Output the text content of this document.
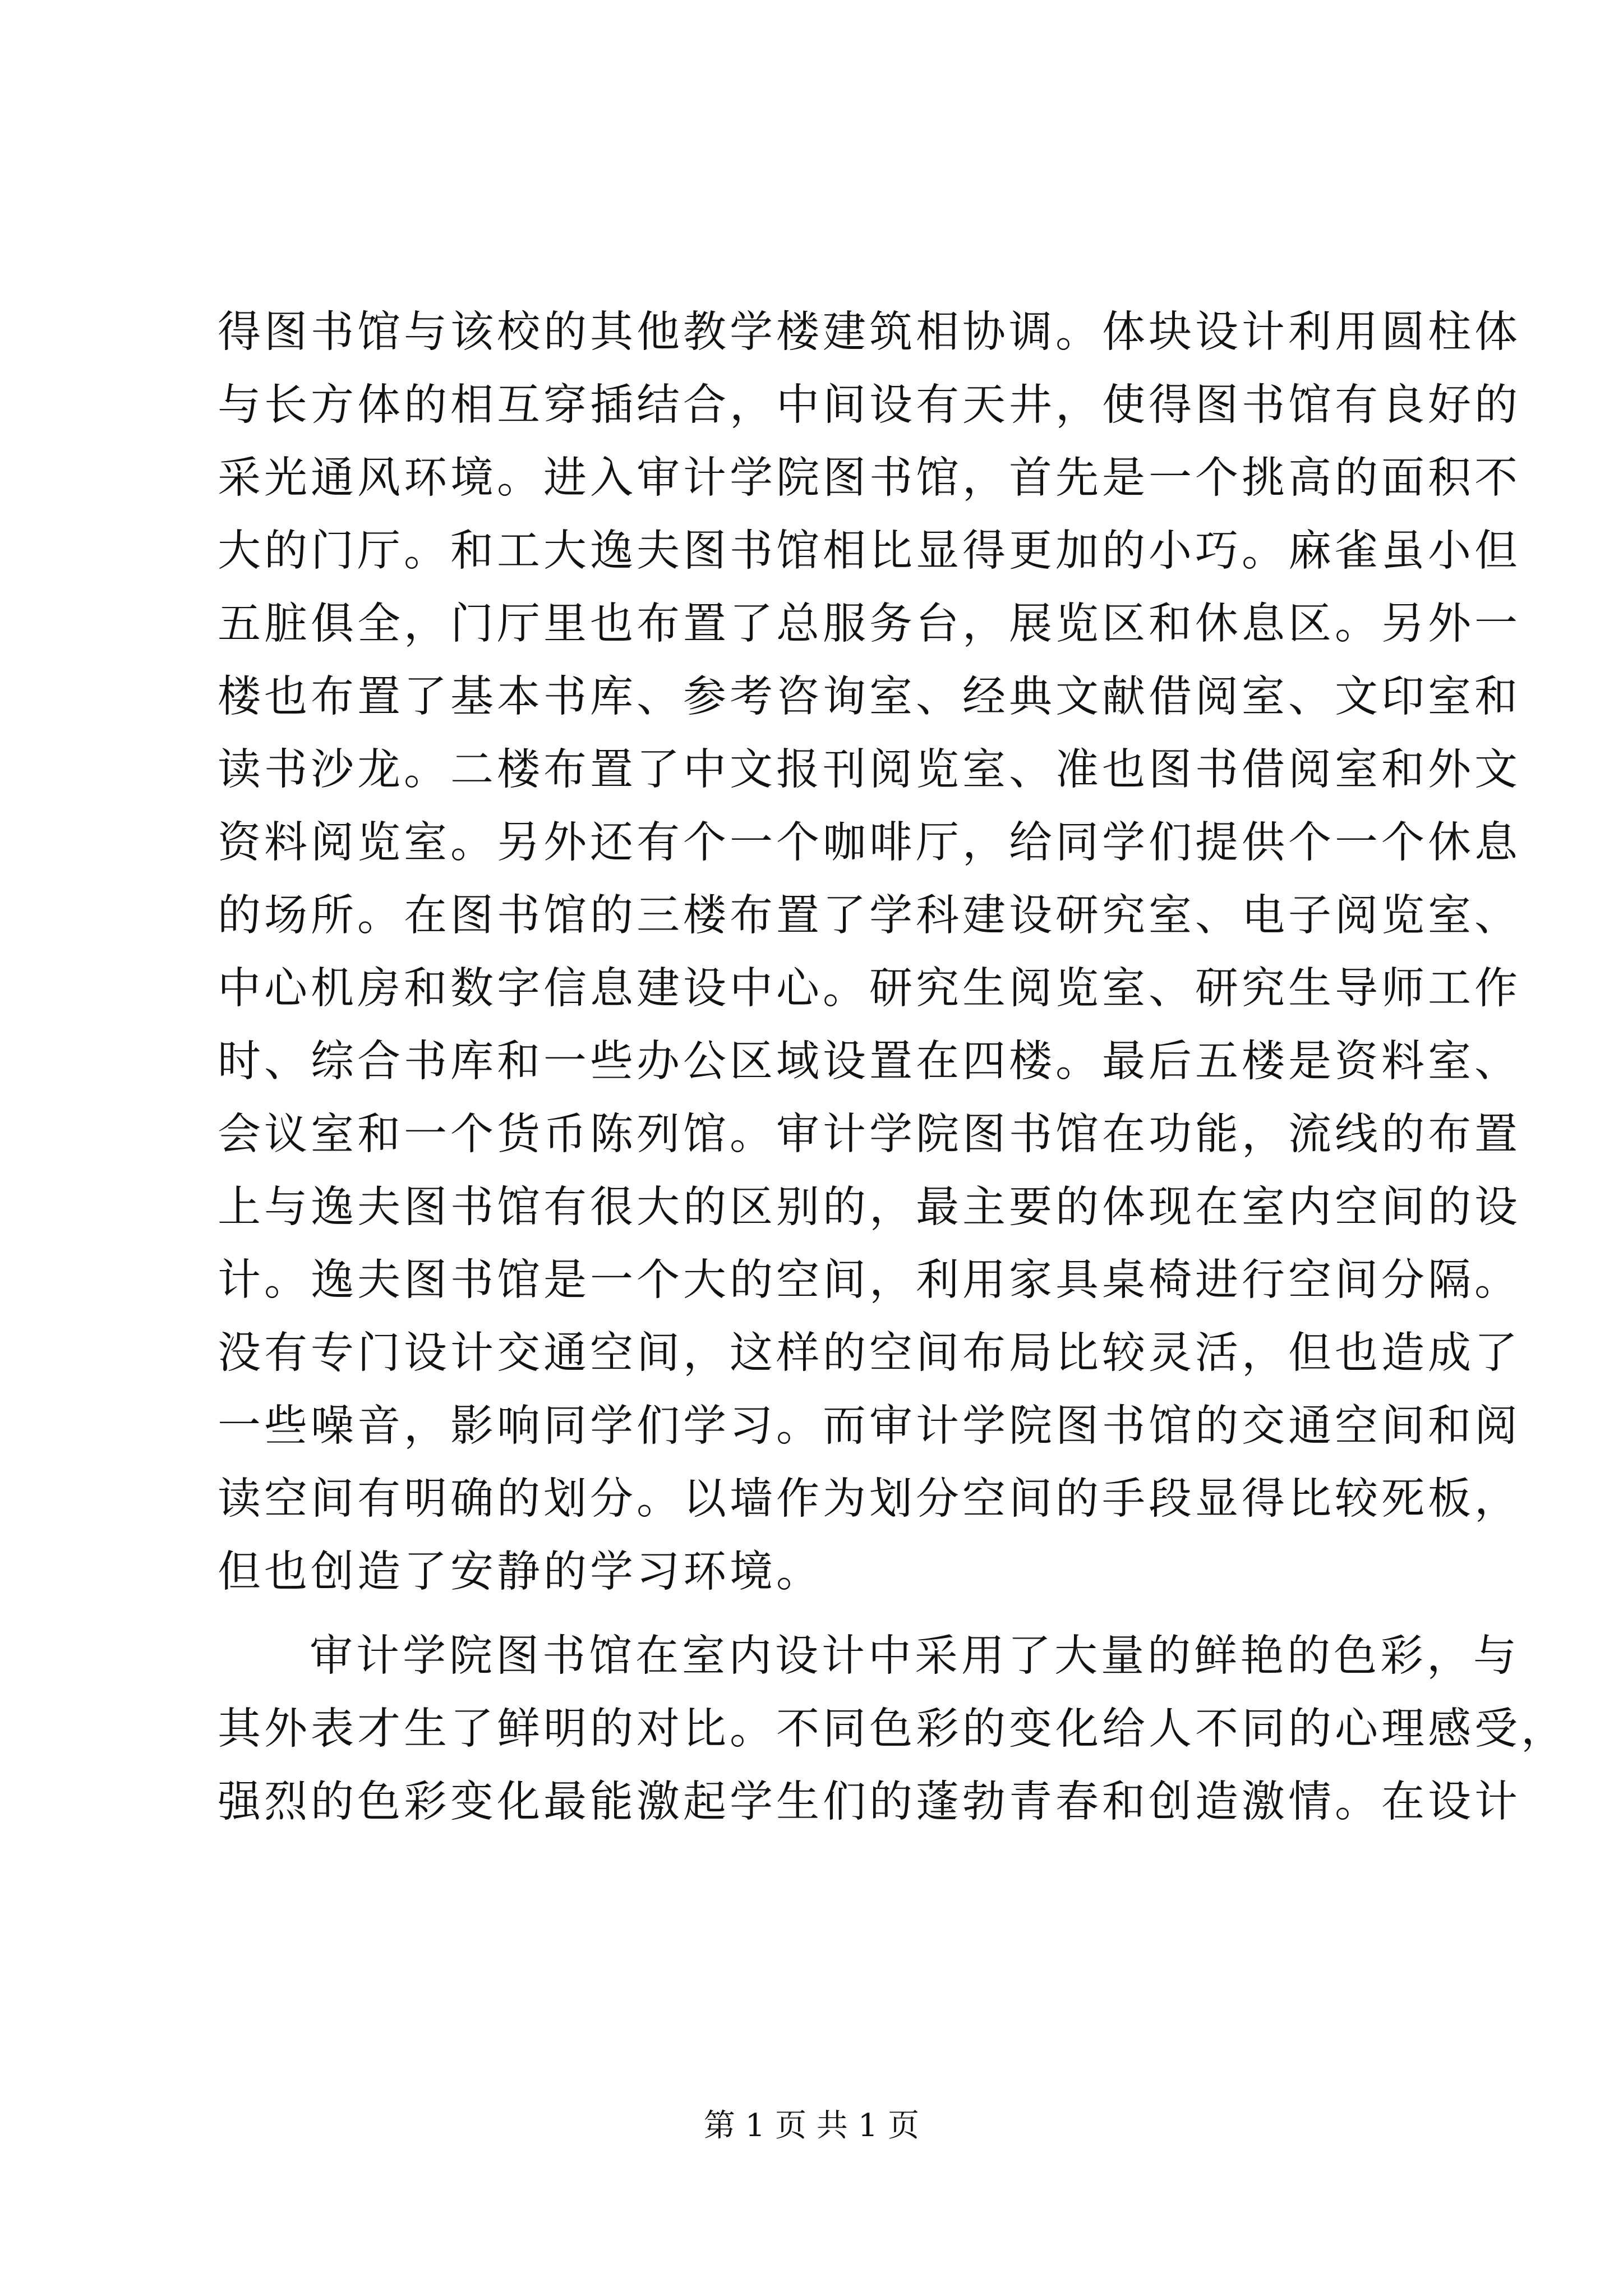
得图书馆与该校的其他教学楼建筑相协调。体块设计利用圆柱体
与长方体的相互穿插结合，中间设有天井，使得图书馆有良好的
采光通风环境。进入审计学院图书馆，首先是一个挑高的面积不
大的门厅。和工大逸夫图书馆相比显得更加的小巧。麻雀虽小但
五脏俱全，门厅里也布置了总服务台，展览区和休息区。另外一
楼也布置了基本书库、参考咨询室、经典文献借阅室、文印室和
读书沙龙。二楼布置了中文报刊阅览室、准也图书借阅室和外文
资料阅览室。另外还有个一个咖啡厅，给同学们提供个一个休息
的场所。在图书馆的三楼布置了学科建设研究室、电子阅览室、
中心机房和数字信息建设中心。研究生阅览室、研究生导师工作
时、综合书库和一些办公区域设置在四楼。最后五楼是资料室、
会议室和一个货币陈列馆。审计学院图书馆在功能，流线的布置
上与逸夫图书馆有很大的区别的，最主要的体现在室内空间的设
计。逸夫图书馆是一个大的空间，利用家具桌椅进行空间分隔。
没有专门设计交通空间，这样的空间布局比较灵活，但也造成了
一些噪音，影响同学们学习。而审计学院图书馆的交通空间和阅
读空间有明确的划分。以墙作为划分空间的手段显得比较死板，
但也创造了安静的学习环境。
审计学院图书馆在室内设计中采用了大量的鲜艳的色彩，与
其外表才生了鲜明的对比。不同色彩的变化给人不同的心理感受，
强烈的色彩变化最能激起学生们的蓬勃青春和创造激情。在设计
第 1 页 共 1 页
